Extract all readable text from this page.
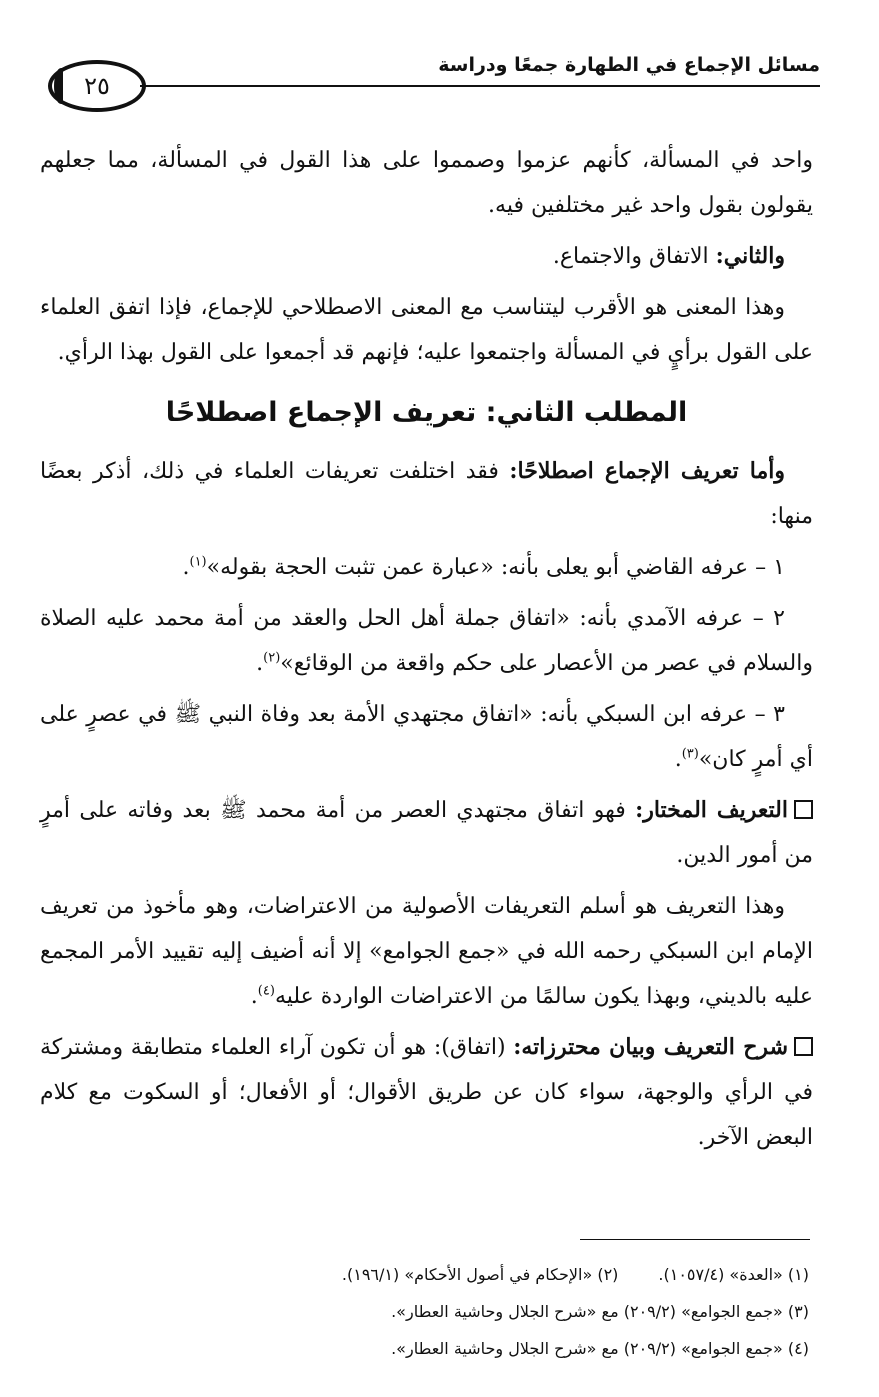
مسائل الإجماع في الطهارة جمعًا ودراسة
٢٥

واحد في المسألة، كأنهم عزموا وصمموا على هذا القول في المسألة، مما جعلهم يقولون بقول واحد غير مختلفين فيه.

والثاني: الاتفاق والاجتماع.

وهذا المعنى هو الأقرب ليتناسب مع المعنى الاصطلاحي للإجماع، فإذا اتفق العلماء على القول برأيٍ في المسألة واجتمعوا عليه؛ فإنهم قد أجمعوا على القول بهذا الرأي.

المطلب الثاني: تعريف الإجماع اصطلاحًا

وأما تعريف الإجماع اصطلاحًا: فقد اختلفت تعريفات العلماء في ذلك، أذكر بعضًا منها:

١ – عرفه القاضي أبو يعلى بأنه: «عبارة عمن تثبت الحجة بقوله»$^{(١)}$.

٢ – عرفه الآمدي بأنه: «اتفاق جملة أهل الحل والعقد من أمة محمد عليه الصلاة والسلام في عصر من الأعصار على حكم واقعة من الوقائع»$^{(٢)}$.

٣ – عرفه ابن السبكي بأنه: «اتفاق مجتهدي الأمة بعد وفاة النبي ﷺ في عصرٍ على أي أمرٍ كان»$^{(٣)}$.

التعريف المختار: فهو اتفاق مجتهدي العصر من أمة محمد ﷺ بعد وفاته على أمرٍ من أمور الدين.

وهذا التعريف هو أسلم التعريفات الأصولية من الاعتراضات، وهو مأخوذ من تعريف الإمام ابن السبكي رحمه الله في «جمع الجوامع» إلا أنه أضيف إليه تقييد الأمر المجمع عليه بالديني، وبهذا يكون سالمًا من الاعتراضات الواردة عليه$^{(٤)}$.

شرح التعريف وبيان محترزاته: (اتفاق): هو أن تكون آراء العلماء متطابقة ومشتركة في الرأي والوجهة، سواء كان عن طريق الأقوال؛ أو الأفعال؛ أو السكوت مع كلام البعض الآخر.

(١) «العدة» (١٠٥٧/٤).
(٢) «الإحكام في أصول الأحكام» (١٩٦/١).
(٣) «جمع الجوامع» (٢٠٩/٢) مع «شرح الجلال وحاشية العطار».
(٤) «جمع الجوامع» (٢٠٩/٢) مع «شرح الجلال وحاشية العطار».
